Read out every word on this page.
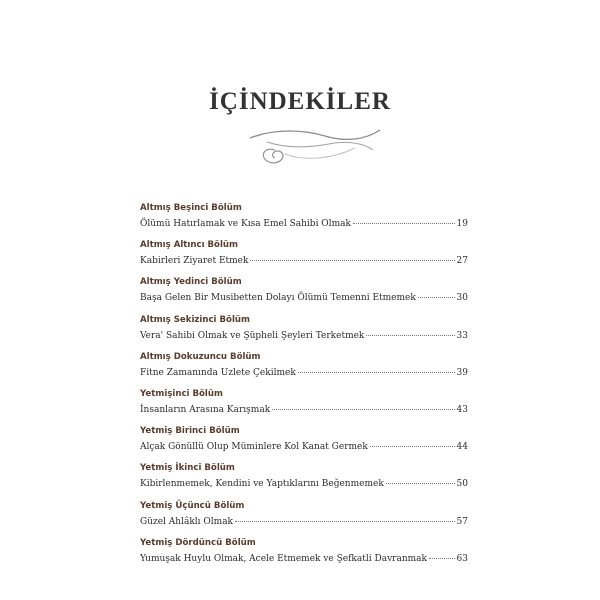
İÇİNDEKİLER
Altmış Beşinci Bölüm
Ölümü Hatırlamak ve Kısa Emel Sahibi Olmak	19
Altmış Altıncı Bölüm
Kabirleri Ziyaret Etmek	27
Altmış Yedinci Bölüm
Başa Gelen Bir Musibetten Dolayı Ölümü Temenni Etmemek	30
Altmış Sekizinci Bölüm
Vera' Sahibi Olmak ve Şüpheli Şeyleri Terketmek	33
Altmış Dokuzuncu Bölüm
Fitne Zamanında Uzlete Çekilmek	39
Yetmişinci Bölüm
İnsanların Arasına Karışmak	43
Yetmiş Birinci Bölüm
Alçak Gönüllü Olup Müminlere Kol Kanat Germek	44
Yetmiş İkinci Bölüm
Kibirlenmemek, Kendini ve Yaptıklarını Beğenmemek	50
Yetmiş Üçüncü Bölüm
Güzel Ahlâklı Olmak	57
Yetmiş Dördüncü Bölüm
Yumuşak Huylu Olmak, Acele Etmemek ve Şefkatli Davranmak	63
